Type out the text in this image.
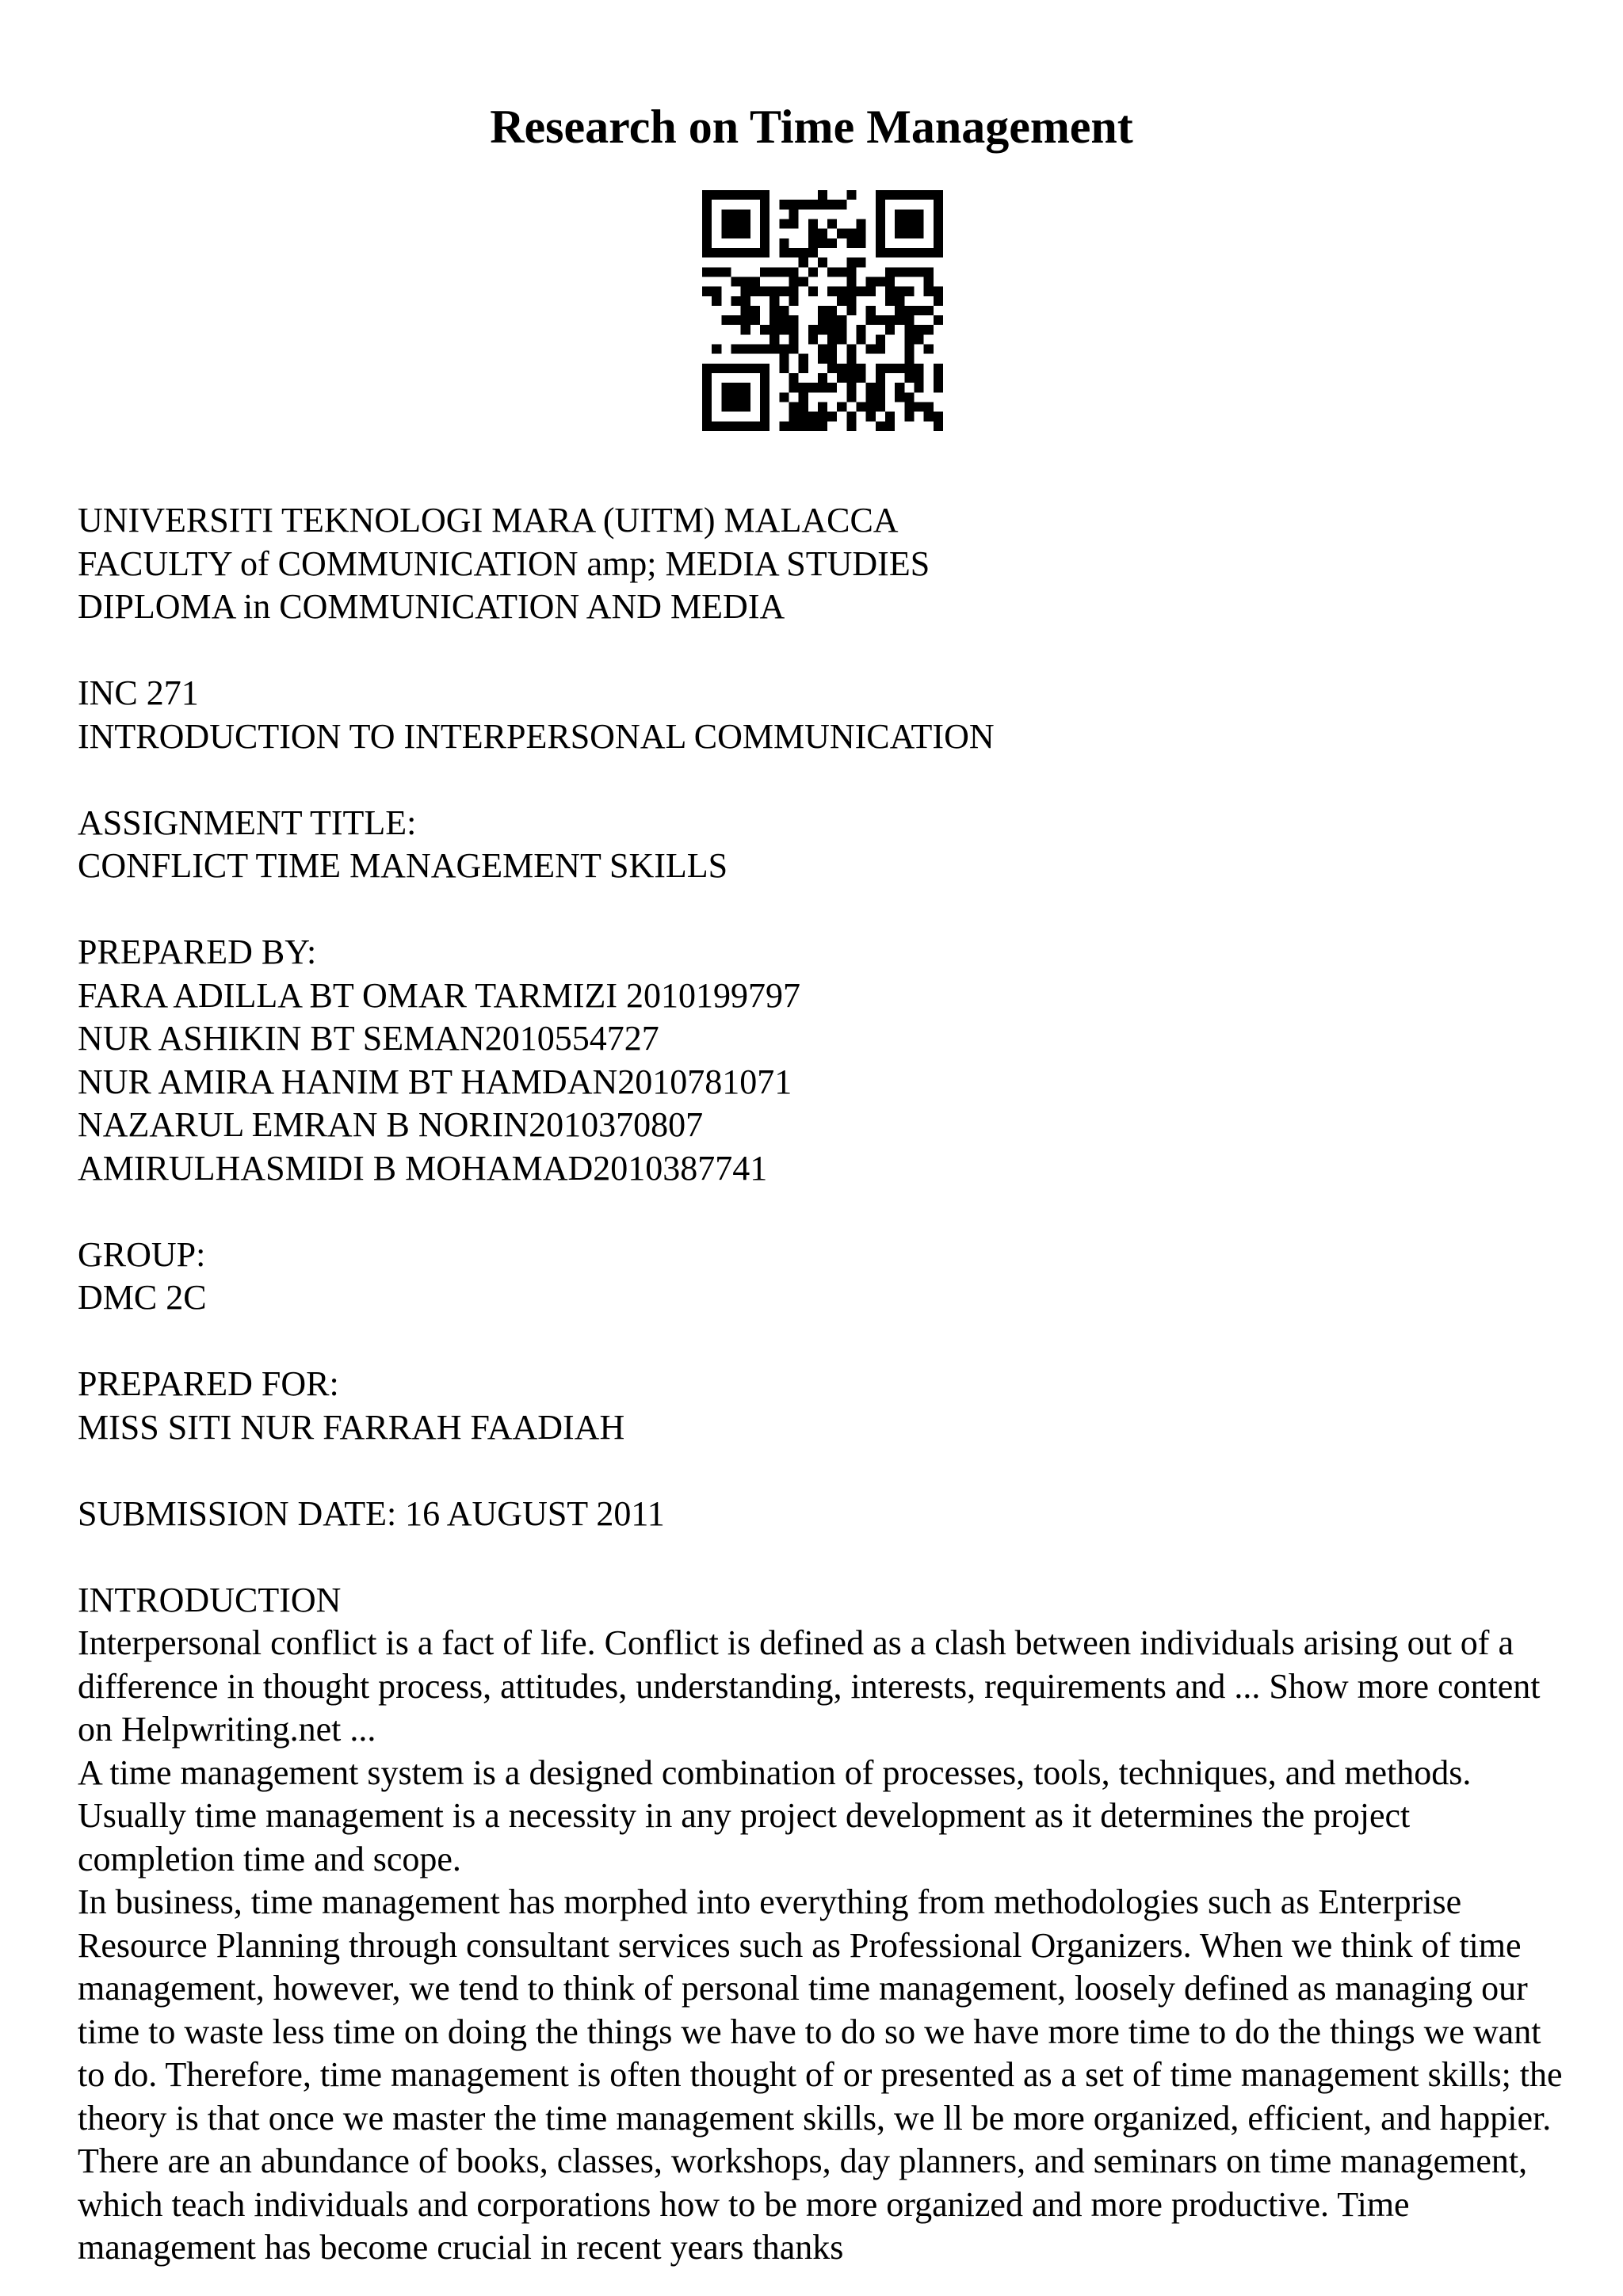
Research on Time Management

UNIVERSITI TEKNOLOGI MARA (UITM) MALACCA

FACULTY of COMMUNICATION amp; MEDIA STUDIES

DIPLOMA in COMMUNICATION AND MEDIA

INC 271

INTRODUCTION TO INTERPERSONAL COMMUNICATION

ASSIGNMENT TITLE:

CONFLICT TIME MANAGEMENT SKILLS

PREPARED BY:

FARA ADILLA BT OMAR TARMIZI 2010199797

NUR ASHIKIN BT SEMAN2010554727

NUR AMIRA HANIM BT HAMDAN2010781071

NAZARUL EMRAN B NORIN2010370807

AMIRULHASMIDI B MOHAMAD2010387741

GROUP:

DMC 2C

PREPARED FOR:

MISS SITI NUR FARRAH FAADIAH

SUBMISSION DATE: 16 AUGUST 2011

INTRODUCTION

Interpersonal conflict is a fact of life. Conflict is defined as a clash between individuals arising out of a difference in thought process, attitudes, understanding, interests, requirements and ... Show more content on Helpwriting.net ...

A time management system is a designed combination of processes, tools, techniques, and methods. Usually time management is a necessity in any project development as it determines the project completion time and scope.

In business, time management has morphed into everything from methodologies such as Enterprise Resource Planning through consultant services such as Professional Organizers. When we think of time management, however, we tend to think of personal time management, loosely defined as managing our time to waste less time on doing the things we have to do so we have more time to do the things we want to do. Therefore, time management is often thought of or presented as a set of time management skills; the theory is that once we master the time management skills, we ll be more organized, efficient, and happier. There are an abundance of books, classes, workshops, day planners, and seminars on time management, which teach individuals and corporations how to be more organized and more productive. Time management has become crucial in recent years thanks
